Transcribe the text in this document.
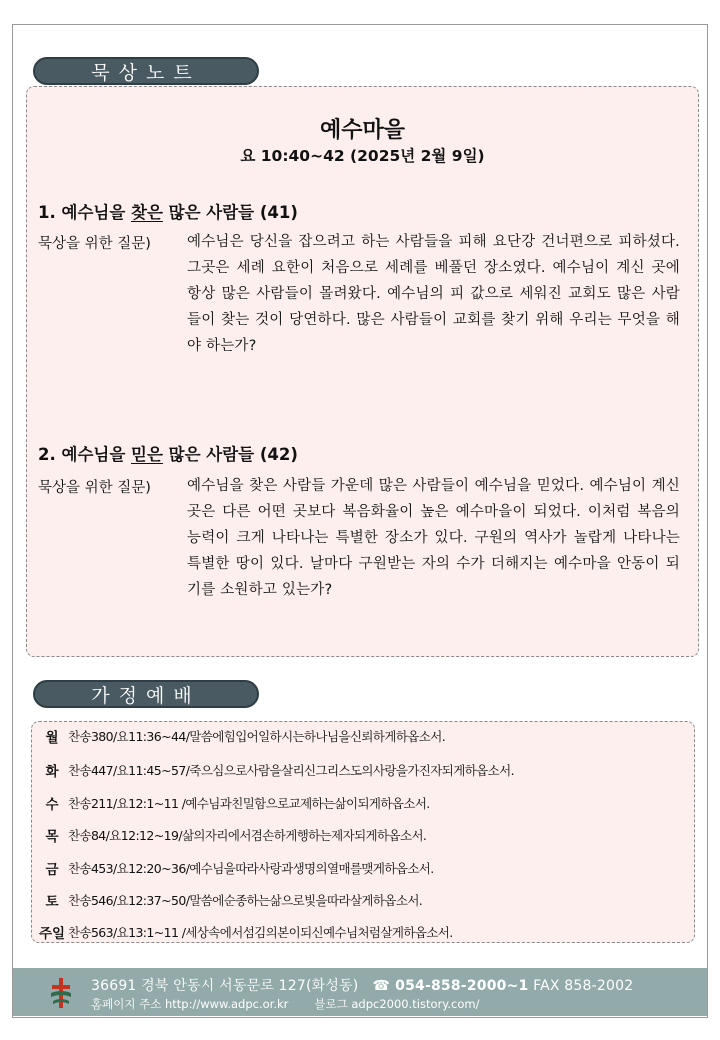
묵상노트
예수마을
요 10:40~42 (2025년 2월 9일)
1. 예수님을 찾은 많은 사람들 (41)
묵상을 위한 질문) 예수님은 당신을 잡으려고 하는 사람들을 피해 요단강 건너편으로 피하셨다. 그곳은 세례 요한이 처음으로 세례를 베풀던 장소였다. 예수님이 계신 곳에 항상 많은 사람들이 몰려왔다. 예수님의 피 값으로 세워진 교회도 많은 사람들이 찾는 것이 당연하다. 많은 사람들이 교회를 찾기 위해 우리는 무엇을 해야 하는가?
2. 예수님을 믿은 많은 사람들 (42)
묵상을 위한 질문) 예수님을 찾은 사람들 가운데 많은 사람들이 예수님을 믿었다. 예수님이 계신 곳은 다른 어떤 곳보다 복음화율이 높은 예수마을이 되었다. 이처럼 복음의 능력이 크게 나타나는 특별한 장소가 있다. 구원의 역사가 놀랍게 나타나는 특별한 땅이 있다. 날마다 구원받는 자의 수가 더해지는 예수마을 안동이 되기를 소원하고 있는가?
가정예배
월 찬송380/요11:36~44/말씀에힘입어일하시는하나님을신뢰하게하옵소서.
화 찬송447/요11:45~57/죽으심으로사람을살리신그리스도의사랑을가진자되게하옵소서.
수 찬송211/요12:1~11 /예수님과친밀함으로교제하는삶이되게하옵소서.
목 찬송84/요12:12~19/삶의자리에서겸손하게행하는제자되게하옵소서.
금 찬송453/요12:20~36/예수님을따라사랑과생명의열매를맺게하옵소서.
토 찬송546/요12:37~50/말씀에순종하는삶으로빛을따라살게하옵소서.
주일 찬송563/요13:1~11 /세상속에서섬김의본이되신예수님처럼살게하옵소서.
36691 경북 안동시 서동문로 127(화성동) ☎ 054-858-2000~1 FAX 858-2002
홈페이지 주소 http://www.adpc.or.kr 블로그 adpc2000.tistory.com/
